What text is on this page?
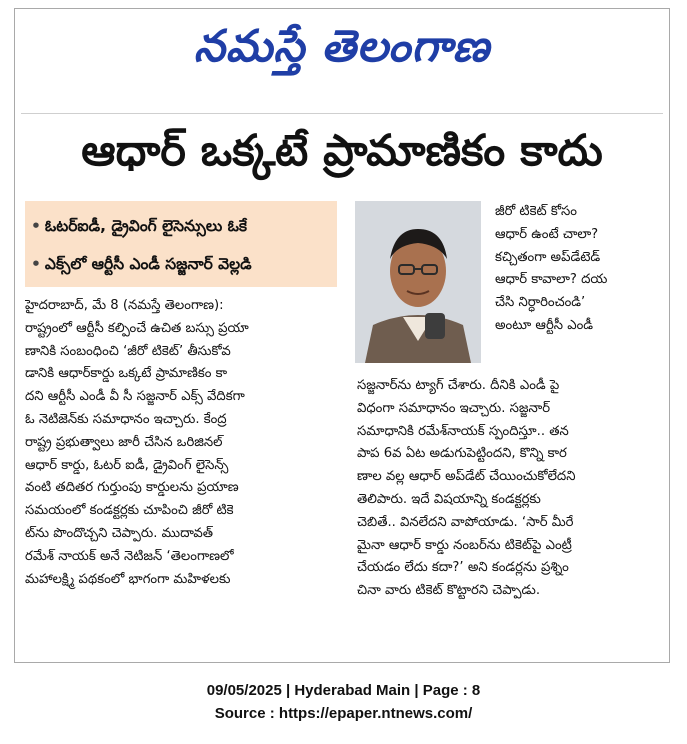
నమస్తే తెలంగాణ
ఆధార్ ఒక్కటే ప్రామాణికం కాదు
• ఓటర్‌ఐడీ, డ్రైవింగ్ లైసెన్సులు ఓకే
• ఎక్స్‌లో ఆర్టీసీ ఎండీ సజ్జనార్ వెల్లడి
హైదరాబాద్, మే 8 (నమస్తే తెలంగాణ):
రాష్ట్రంలో ఆర్టీసీ కల్పించే ఉచిత బస్సు ప్రయా
ణానికి సంబంధించి ‘జీరో టికెట్’ తీసుకోవ
డానికి ఆధార్‌కార్డు ఒక్కటే ప్రామాణికం కా
దని ఆర్టీసీ ఎండీ వీ సీ సజ్జనార్ ఎక్స్ వేదికగా
ఓ నెటిజెన్‌కు సమాధానం ఇచ్చారు. కేంద్ర
రాష్ట్ర ప్రభుత్వాలు జారీ చేసిన ఒరిజినల్
ఆధార్ కార్డు, ఓటర్ ఐడీ, డ్రైవింగ్ లైసెన్స్
వంటి తదితర గుర్తుంపు కార్డులను ప్రయాణ
సమయంలో కండక్టర్లకు చూపించి జీరో టికె
ట్‌ను పొందొచ్చని చెప్పారు. ముదావత్
రమేశ్ నాయక్ అనే నెటిజన్ ‘తెలంగాణలో
మహాలక్ష్మి పథకంలో భాగంగా మహిళలకు
జీరో టికెట్ కోసం
ఆధార్ ఉంటే చాలా?
కచ్చితంగా అప్‌డేటెడ్
ఆధార్ కావాలా? దయ
చేసి నిర్ధారించండి’
అంటూ ఆర్టీసీ ఎండీ
సజ్జనార్‌ను ట్యాగ్ చేశారు. దీనికి ఎండీ పై
విధంగా సమాధానం ఇచ్చారు. సజ్జనార్
సమాధానికి రమేశ్‌నాయక్ స్పందిస్తూ.. తన
పాప 6వ ఏట అడుగుపెట్టిందని, కొన్ని కార
ణాల వల్ల ఆధార్ అప్‌డేట్ చేయించుకోలేదని
తెలిపారు. ఇదే విషయాన్ని కండక్టర్లకు
చెబితే.. వినలేదని వాపోయాడు. ‘సార్ మీరే
మైనా ఆధార్ కార్డు నంబర్‌ను టికెట్‌పై ఎంట్రీ
చేయడం లేదు కదా?’ అని కండర్లను ప్రశ్నిం
చినా వారు టికెట్ కొట్టారని చెప్పాడు.
09/05/2025 | Hyderabad Main | Page : 8
Source : https://epaper.ntnews.com/
